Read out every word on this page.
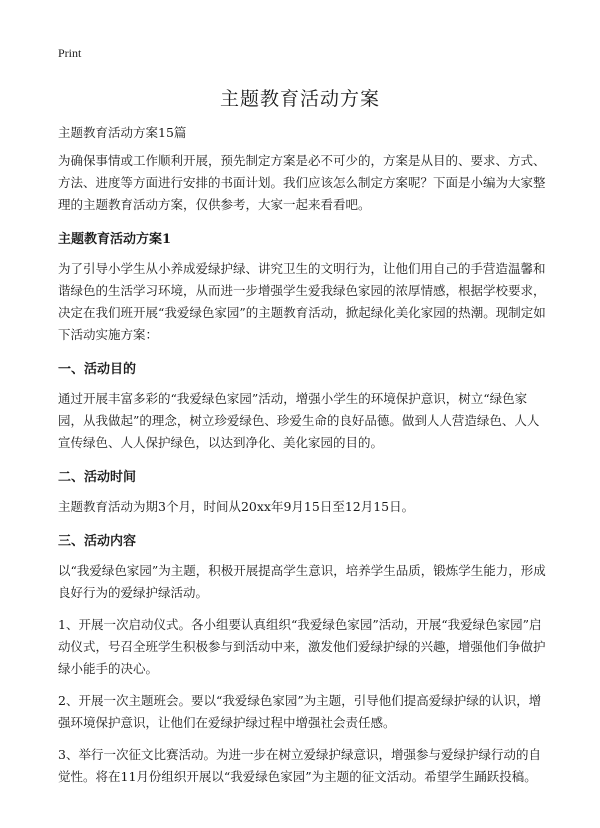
Print
主题教育活动方案

主题教育活动方案15篇

为确保事情或工作顺利开展，预先制定方案是必不可少的，方案是从目的、要求、方式、方法、进度等方面进行安排的书面计划。我们应该怎么制定方案呢？下面是小编为大家整理的主题教育活动方案，仅供参考，大家一起来看看吧。

主题教育活动方案1

为了引导小学生从小养成爱绿护绿、讲究卫生的文明行为，让他们用自己的手营造温馨和谐绿色的生活学习环境，从而进一步增强学生爱我绿色家园的浓厚情感，根据学校要求，决定在我们班开展“我爱绿色家园”的主题教育活动，掀起绿化美化家园的热潮。现制定如下活动实施方案：

一、活动目的

通过开展丰富多彩的“我爱绿色家园”活动，增强小学生的环境保护意识，树立“绿色家园，从我做起”的理念，树立珍爱绿色、珍爱生命的良好品德。做到人人营造绿色、人人宣传绿色、人人保护绿色，以达到净化、美化家园的目的。

二、活动时间

主题教育活动为期3个月，时间从20xx年9月15日至12月15日。

三、活动内容

以“我爱绿色家园”为主题，积极开展提高学生意识，培养学生品质，锻炼学生能力，形成良好行为的爱绿护绿活动。

1、开展一次启动仪式。各小组要认真组织“我爱绿色家园”活动，开展“我爱绿色家园”启动仪式，号召全班学生积极参与到活动中来，激发他们爱绿护绿的兴趣，增强他们争做护绿小能手的决心。

2、开展一次主题班会。要以“我爱绿色家园”为主题，引导他们提高爱绿护绿的认识，增强环境保护意识，让他们在爱绿护绿过程中增强社会责任感。

3、举行一次征文比赛活动。为进一步在树立爱绿护绿意识，增强参与爱绿护绿行动的自觉性。将在11月份组织开展以“我爱绿色家园”为主题的征文活动。希望学生踊跃投稿。
